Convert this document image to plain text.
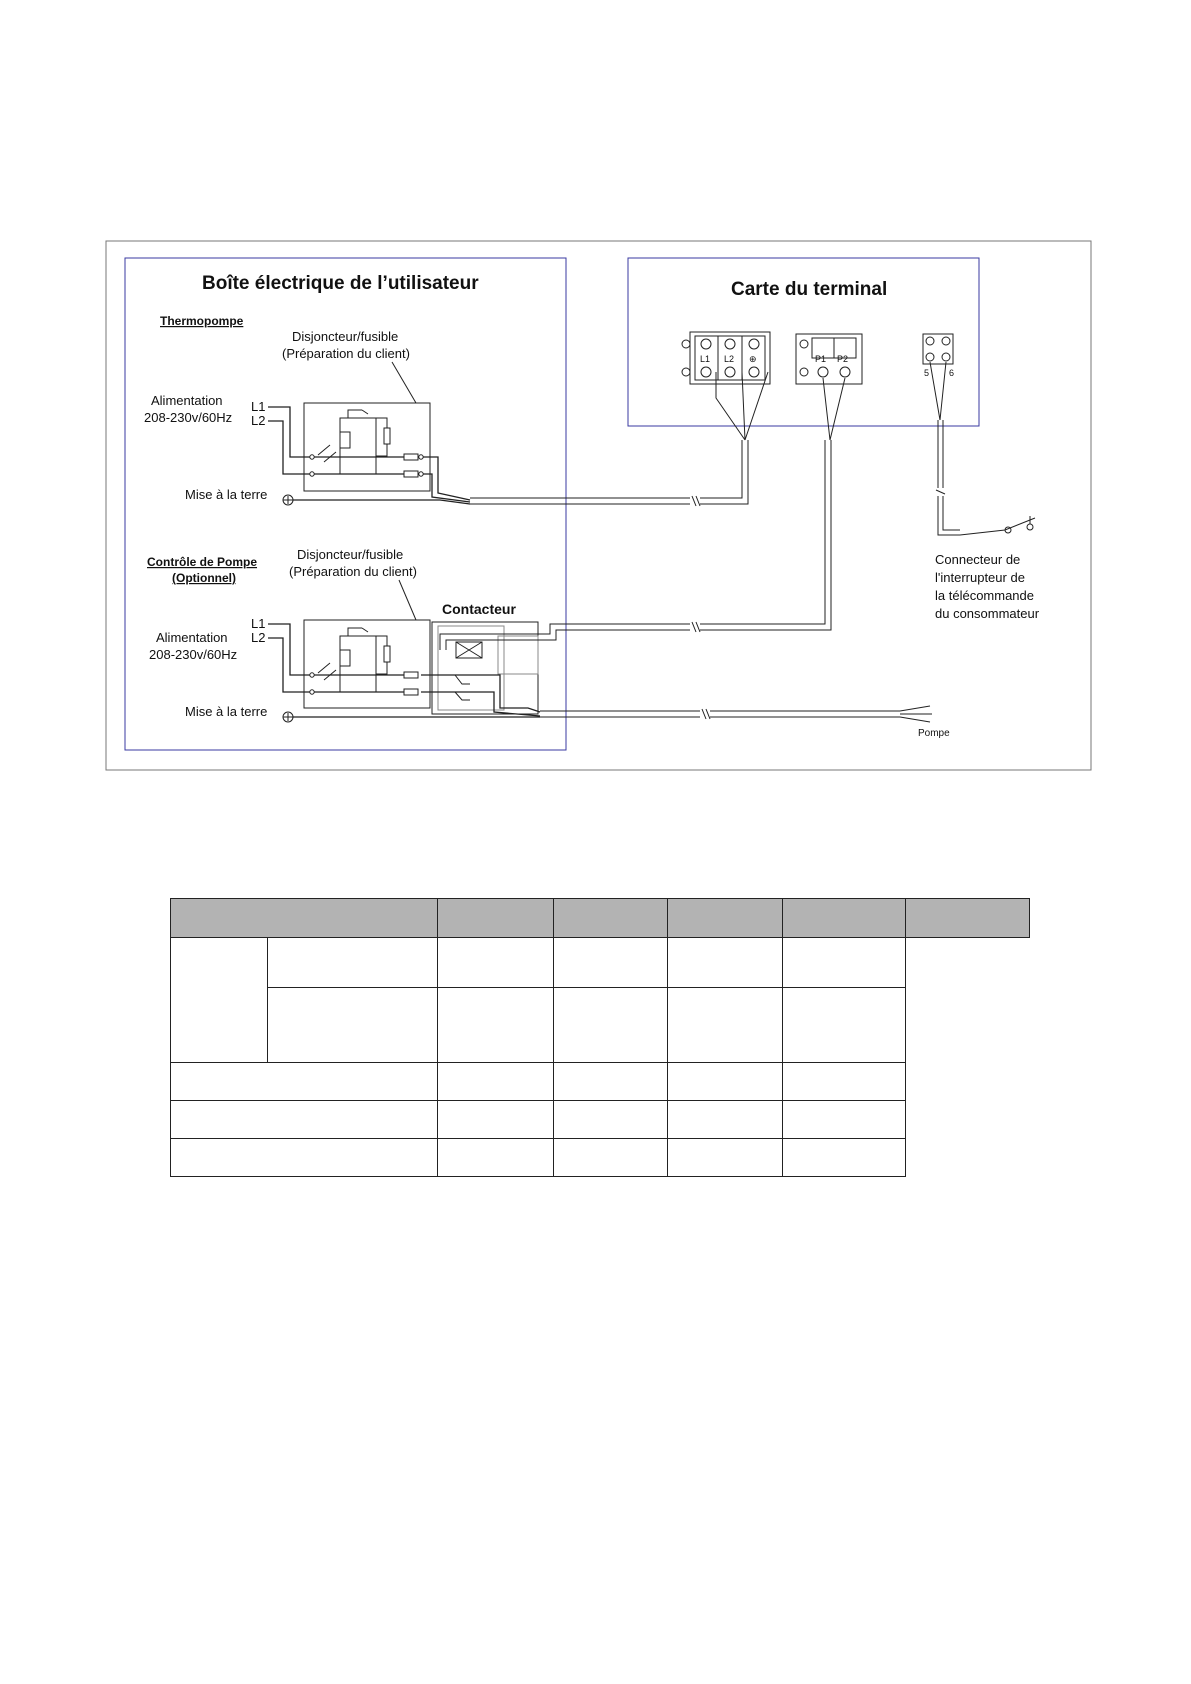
Boîte électrique de l’utilisateur	Carte du terminal
Thermopompe
Disjoncteur/fusible
(Préparation du client)
Alimentation
208-230v/60Hz
L1
L2
Mise à la terre
L1 L2 ⊕	P1 P2
5 6
Connecteur de
l'interrupteur de
la télécommande
du consommateur
Contrôle de Pompe
(Optionnel)
Disjoncteur/fusible
(Préparation du client)
Contacteur
Alimentation
208-230v/60Hz
L1
L2
Mise à la terre
Pompe
